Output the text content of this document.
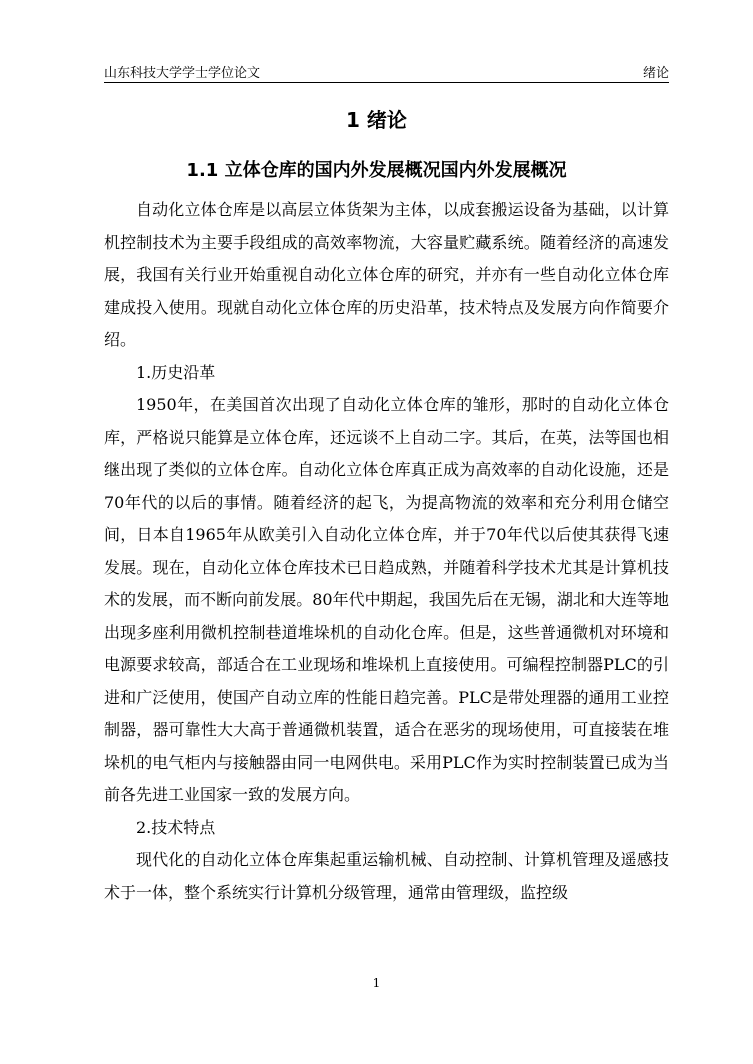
山东科技大学学士学位论文	绪论
1 绪论
1.1 立体仓库的国内外发展概况国内外发展概况

自动化立体仓库是以高层立体货架为主体，以成套搬运设备为基础，以计算机控制技术为主要手段组成的高效率物流，大容量贮藏系统。随着经济的高速发展，我国有关行业开始重视自动化立体仓库的研究，并亦有一些自动化立体仓库建成投入使用。现就自动化立体仓库的历史沿革，技术特点及发展方向作简要介绍。

1.历史沿革

1950年，在美国首次出现了自动化立体仓库的雏形，那时的自动化立体仓库，严格说只能算是立体仓库，还远谈不上自动二字。其后，在英，法等国也相继出现了类似的立体仓库。自动化立体仓库真正成为高效率的自动化设施，还是70年代的以后的事情。随着经济的起飞，为提高物流的效率和充分利用仓储空间，日本自1965年从欧美引入自动化立体仓库，并于70年代以后使其获得飞速发展。现在，自动化立体仓库技术已日趋成熟，并随着科学技术尤其是计算机技术的发展，而不断向前发展。80年代中期起，我国先后在无锡，湖北和大连等地出现多座利用微机控制巷道堆垛机的自动化仓库。但是，这些普通微机对环境和电源要求较高，部适合在工业现场和堆垛机上直接使用。可编程控制器PLC的引进和广泛使用，使国产自动立库的性能日趋完善。PLC是带处理器的通用工业控制器，器可靠性大大高于普通微机装置，适合在恶劣的现场使用，可直接装在堆垛机的电气柜内与接触器由同一电网供电。采用PLC作为实时控制装置已成为当前各先进工业国家一致的发展方向。

2.技术特点

现代化的自动化立体仓库集起重运输机械、自动控制、计算机管理及遥感技术于一体，整个系统实行计算机分级管理，通常由管理级，监控级

1
